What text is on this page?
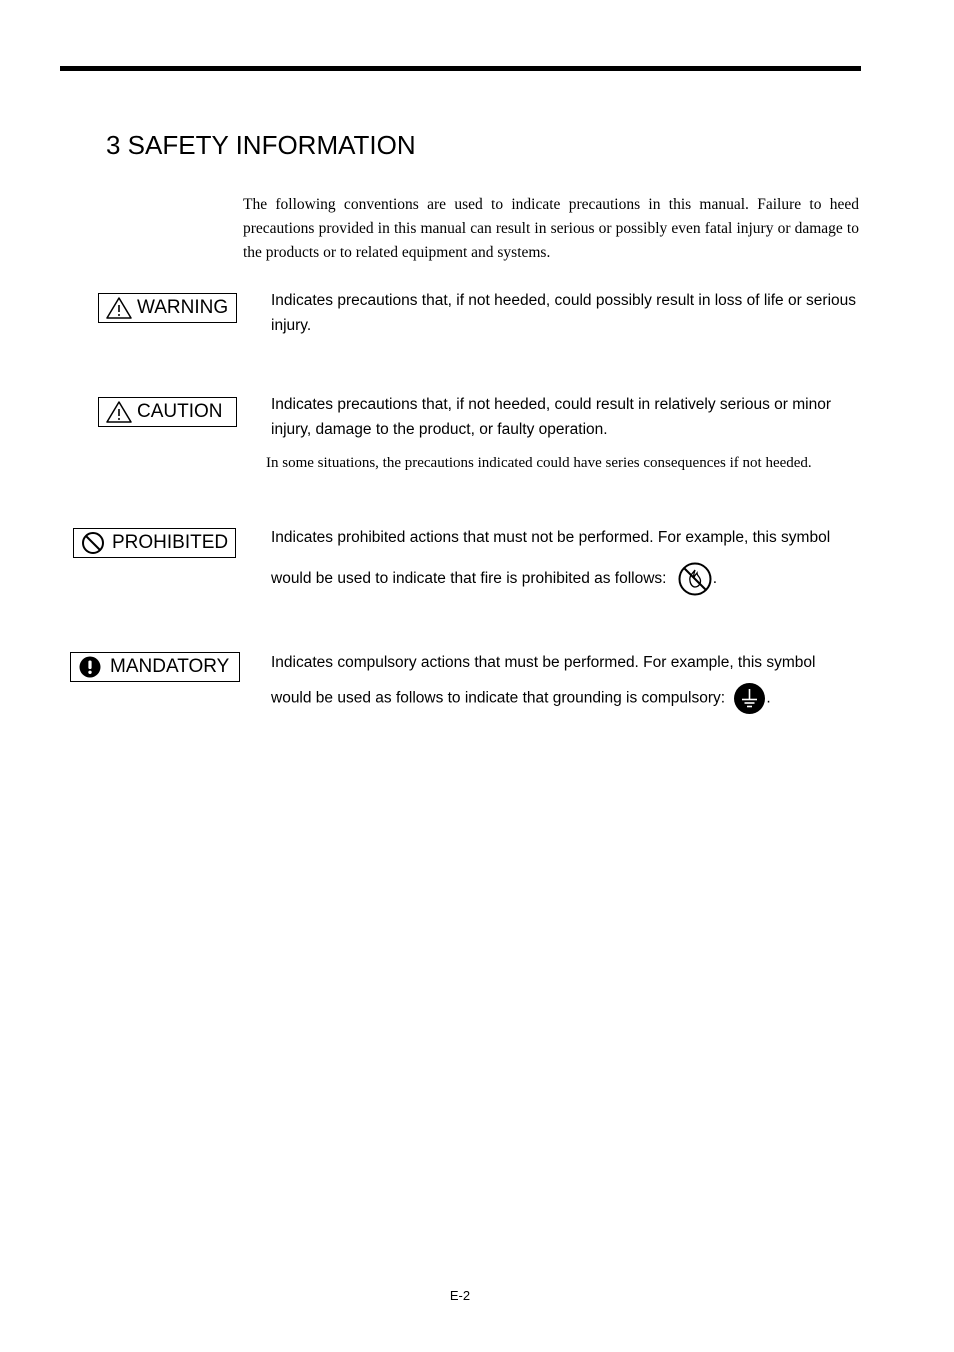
3 SAFETY INFORMATION

The following conventions are used to indicate precautions in this manual. Failure to heed precautions provided in this manual can result in serious or possibly even fatal injury or damage to the products or to related equipment and systems.

WARNING	Indicates precautions that, if not heeded, could possibly result in loss of life or serious injury.

CAUTION	Indicates precautions that, if not heeded, could result in relatively serious or minor injury, damage to the product, or faulty operation.

In some situations, the precautions indicated could have series consequences if not heeded.

PROHIBITED	Indicates prohibited actions that must not be performed. For example, this symbol
would be used to indicate that fire is prohibited as follows:	.
MANDATORY	Indicates compulsory actions that must be performed. For example, this symbol
would be used as follows to indicate that grounding is compulsory:	.
E-2
